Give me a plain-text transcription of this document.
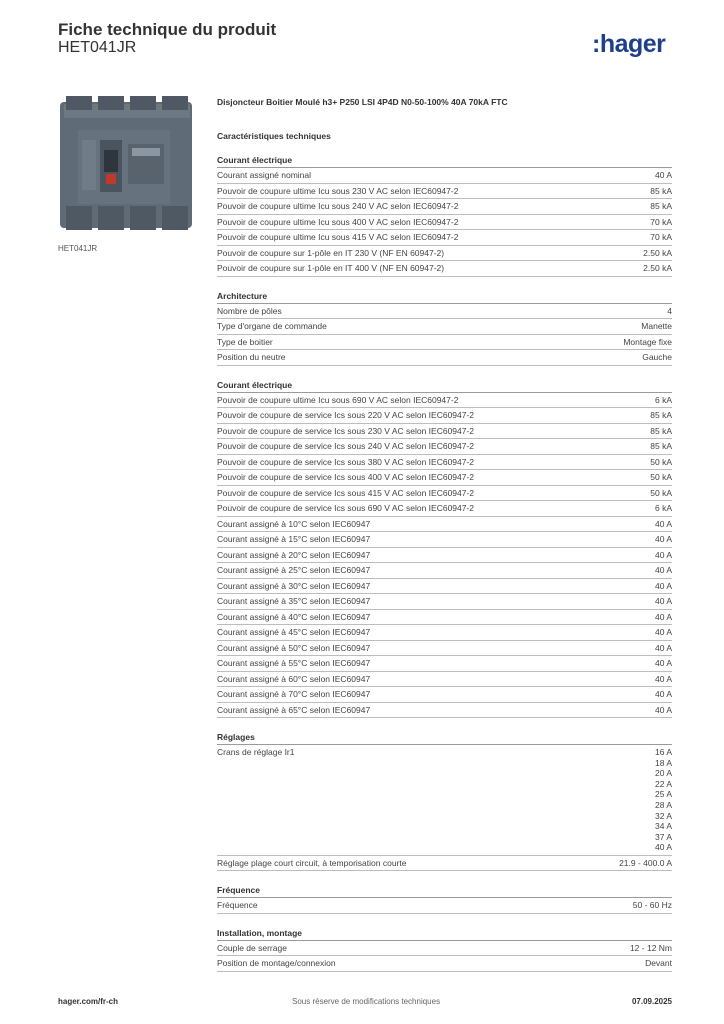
Fiche technique du produit
HET041JR	:hager
HET041JR
Disjoncteur Boitier Moulé h3+ P250 LSI 4P4D N0-50-100% 40A 70kA FTC
Caractéristiques techniques
Courant électrique
Courant assigné nominal	40 A
Pouvoir de coupure ultime Icu sous 230 V AC selon IEC60947-2	85 kA
Pouvoir de coupure ultime Icu sous 240 V AC selon IEC60947-2	85 kA
Pouvoir de coupure ultime Icu sous 400 V AC selon IEC60947-2	70 kA
Pouvoir de coupure ultime Icu sous 415 V AC selon IEC60947-2	70 kA
Pouvoir de coupure sur 1-pôle en IT 230 V (NF EN 60947-2)	2.50 kA
Pouvoir de coupure sur 1-pôle en IT 400 V (NF EN 60947-2)	2.50 kA
Architecture
Nombre de pôles	4
Type d'organe de commande	Manette
Type de boitier	Montage fixe
Position du neutre	Gauche
Courant électrique
Pouvoir de coupure ultime Icu sous 690 V AC selon IEC60947-2	6 kA
Pouvoir de coupure de service Ics sous 220 V AC selon IEC60947-2	85 kA
Pouvoir de coupure de service Ics sous 230 V AC selon IEC60947-2	85 kA
Pouvoir de coupure de service Ics sous 240 V AC selon IEC60947-2	85 kA
Pouvoir de coupure de service Ics sous 380 V AC selon IEC60947-2	50 kA
Pouvoir de coupure de service Ics sous 400 V AC selon IEC60947-2	50 kA
Pouvoir de coupure de service Ics sous 415 V AC selon IEC60947-2	50 kA
Pouvoir de coupure de service Ics sous 690 V AC selon IEC60947-2	6 kA
Courant assigné à 10°C selon IEC60947	40 A
Courant assigné à 15°C selon IEC60947	40 A
Courant assigné à 20°C selon IEC60947	40 A
Courant assigné à 25°C selon IEC60947	40 A
Courant assigné à 30°C selon IEC60947	40 A
Courant assigné à 35°C selon IEC60947	40 A
Courant assigné à 40°C selon IEC60947	40 A
Courant assigné à 45°C selon IEC60947	40 A
Courant assigné à 50°C selon IEC60947	40 A
Courant assigné à 55°C selon IEC60947	40 A
Courant assigné à 60°C selon IEC60947	40 A
Courant assigné à 70°C selon IEC60947	40 A
Courant assigné à 65°C selon IEC60947	40 A
Réglages
Crans de réglage Ir1	16 A
18 A
20 A
22 A
25 A
28 A
32 A
34 A
37 A
40 A
Réglage plage court circuit, à temporisation courte	21.9 - 400.0 A
Fréquence
Fréquence	50 - 60 Hz
Installation, montage
Couple de serrage	12 - 12 Nm
Position de montage/connexion	Devant
hager.com/fr-ch	Sous réserve de modifications techniques	07.09.2025
